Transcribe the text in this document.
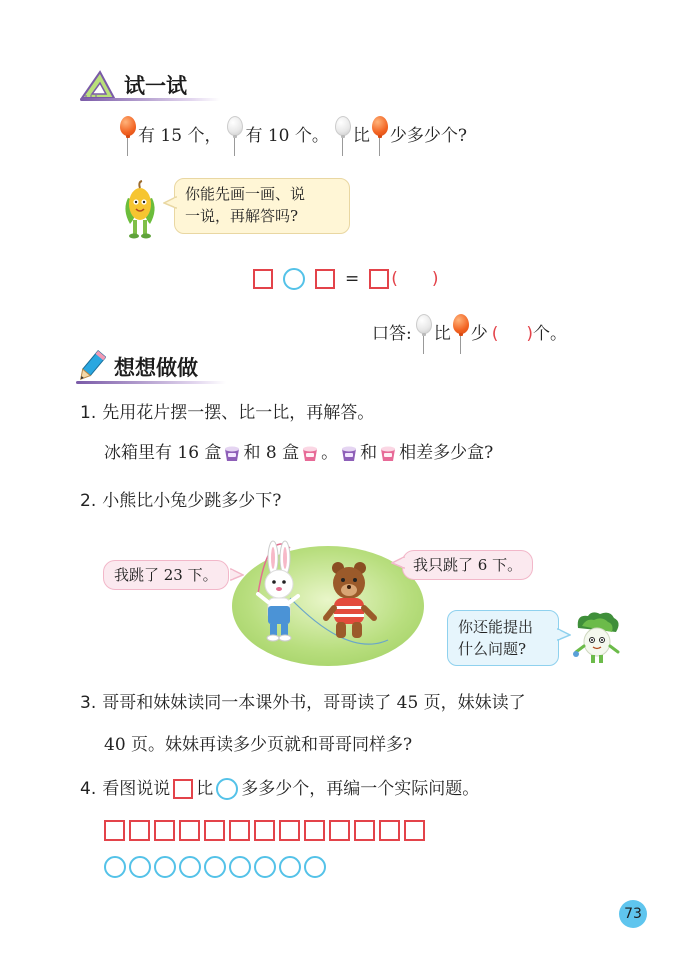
试一试
有 15 个， 有 10 个。 比 少多少个?
你能先画一画、说
一说，再解答吗?
= ( )
口答: 比 少 ( ) 个。
想想做做
1. 先用花片摆一摆、比一比，再解答。
冰箱里有 16 盒 和 8 盒 。 和 相差多少盒?
2. 小熊比小兔少跳多少下?
我跳了 23 下。
我只跳了 6 下。
你还能提出
什么问题?
3. 哥哥和妹妹读同一本课外书，哥哥读了 45 页，妹妹读了
40 页。妹妹再读多少页就和哥哥同样多?
4. 看图说说 比 多多少个，再编一个实际问题。
73
